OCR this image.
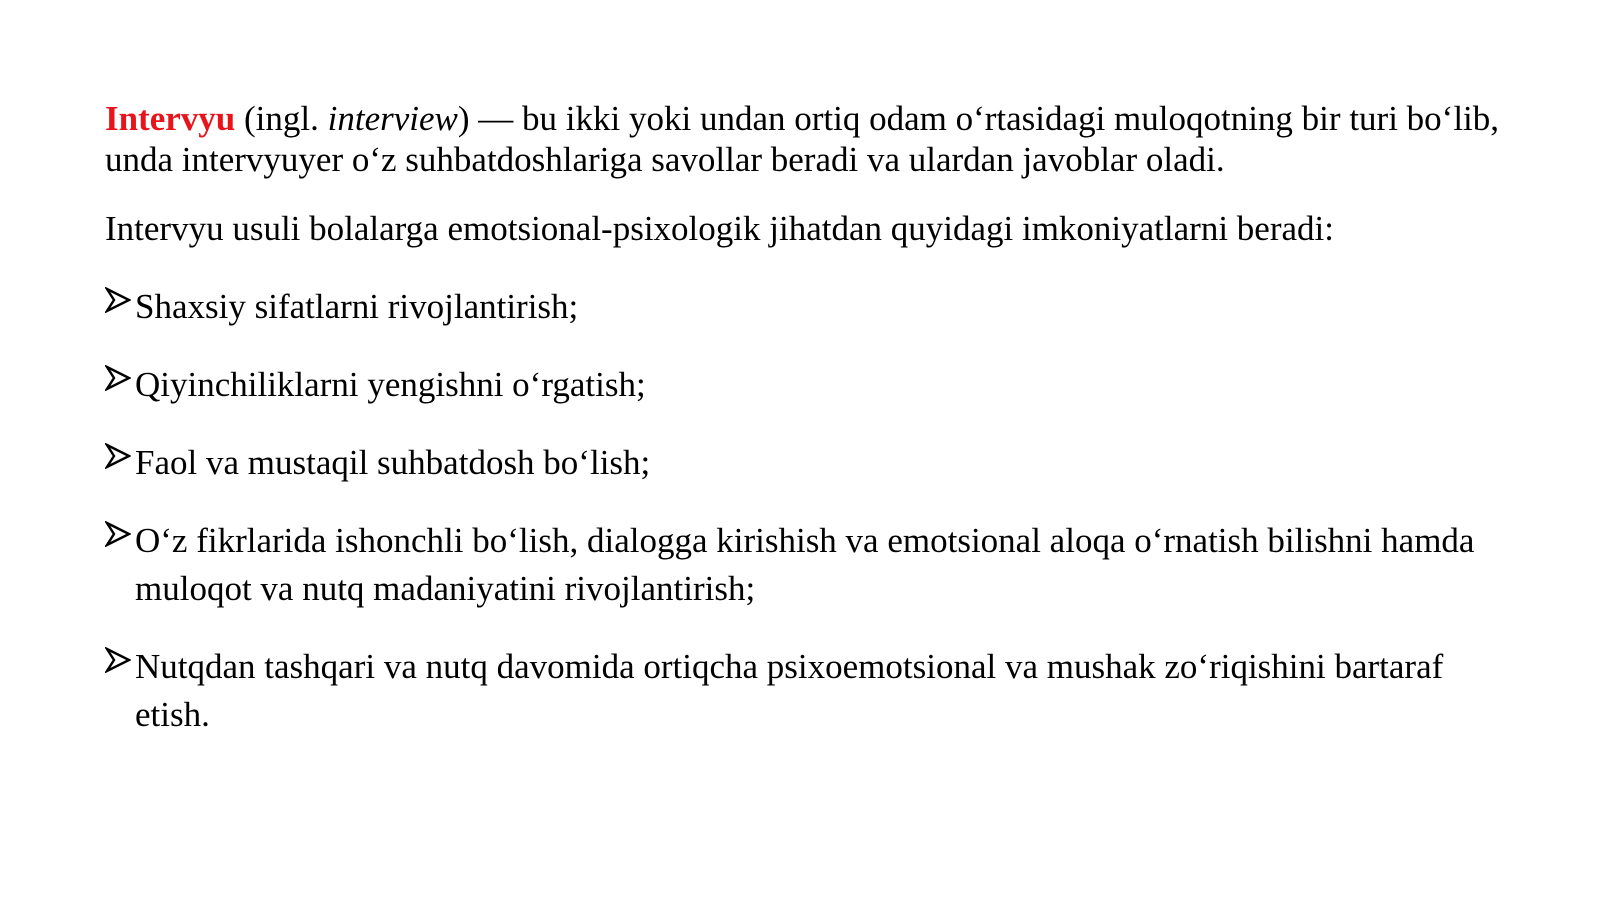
Intervyu (ingl. interview) — bu ikki yoki undan ortiq odam o‘rtasidagi muloqotning bir turi bo‘lib, unda intervyuyer o‘z suhbatdoshlariga savollar beradi va ulardan javoblar oladi.

Intervyu usuli bolalarga emotsional-psixologik jihatdan quyidagi imkoniyatlarni beradi:

Shaxsiy sifatlarni rivojlantirish;
Qiyinchiliklarni yengishni o‘rgatish;
Faol va mustaqil suhbatdosh bo‘lish;
O‘z fikrlarida ishonchli bo‘lish, dialogga kirishish va emotsional aloqa o‘rnatish bilishni hamda muloqot va nutq madaniyatini rivojlantirish;
Nutqdan tashqari va nutq davomida ortiqcha psixoemotsional va mushak zo‘riqishini bartaraf etish.
